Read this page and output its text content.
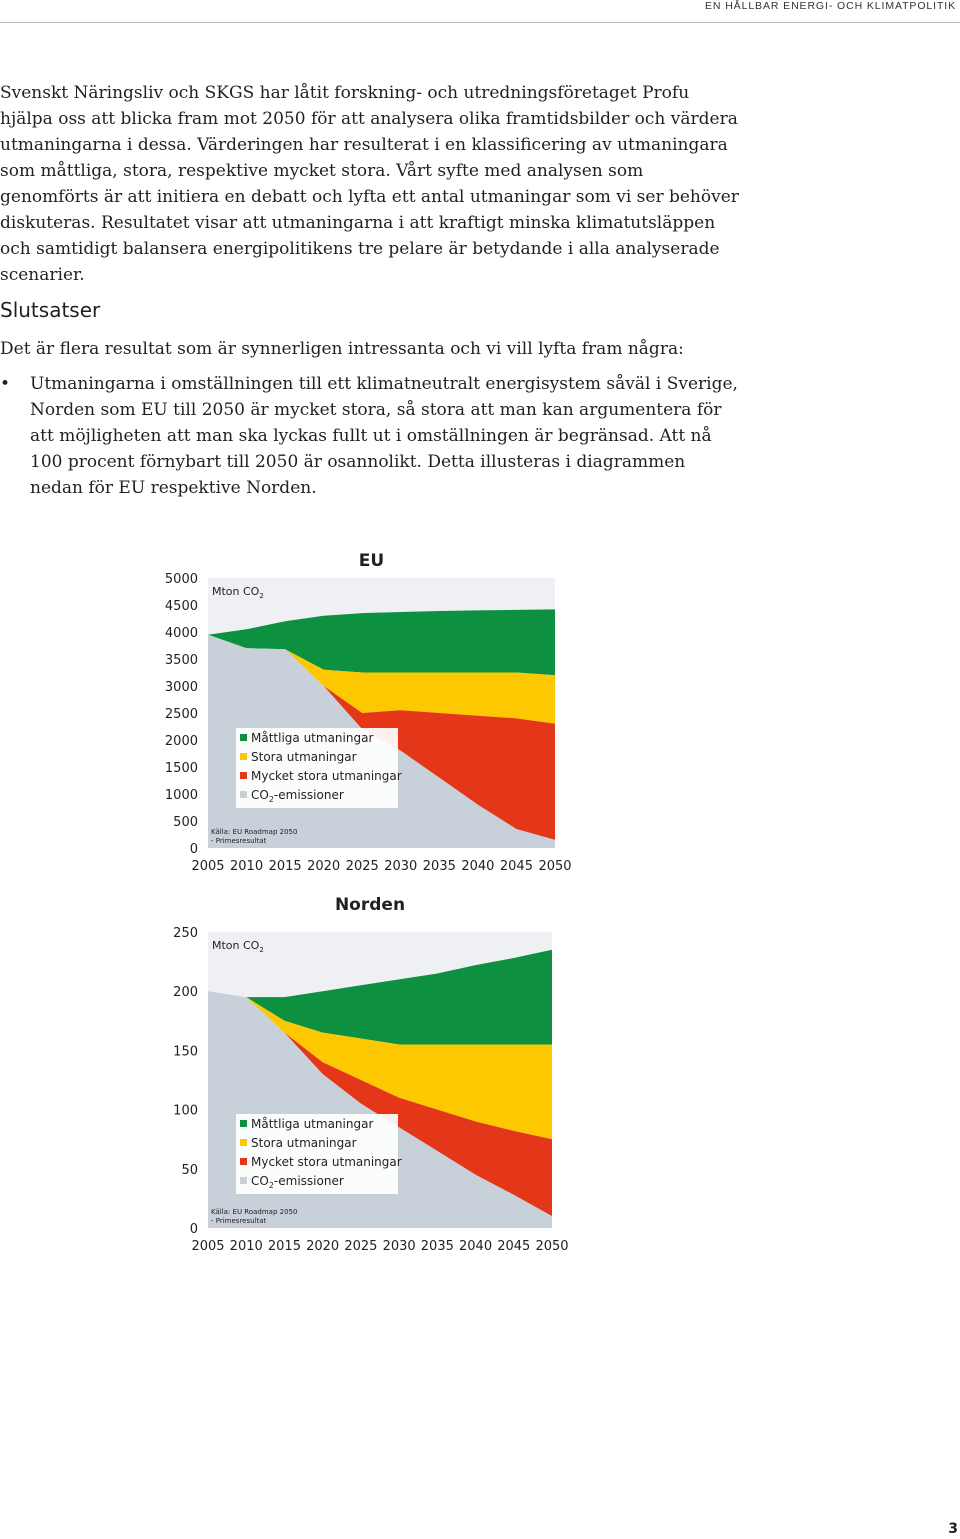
EN HÅLLBAR ENERGI- OCH KLIMATPOLITIK

Svenskt Näringsliv och SKGS har låtit forskning- och utredningsföretaget Profu hjälpa oss att blicka fram mot 2050 för att analysera olika framtidsbilder och värdera utmaningarna i dessa. Värderingen har resulterat i en klassificering av utmaningara som måttliga, stora, respektive mycket stora. Vårt syfte med analysen som genomförts är att initiera en debatt och lyfta ett antal utmaningar som vi ser behöver diskuteras. Resultatet visar att utmaningarna i att kraftigt minska klimatutsläppen och samtidigt balansera energipolitikens tre pelare är betydande i alla analyserade scenarier.

Slutsatser

Det är flera resultat som är synnerligen intressanta och vi vill lyfta fram några:

• Utmaningarna i omställningen till ett klimatneutralt energisystem såväl i Sverige, Norden som EU till 2050 är mycket stora, så stora att man kan argumentera för att möjligheten att man ska lyckas fullt ut i omställningen är begränsad. Att nå 100 procent förnybart till 2050 är osannolikt. Detta illusteras i diagrammen nedan för EU respektive Norden.
0
500
1000
1500
2000
2500
3000
3500
4000
4500
5000
2005 2010 2015 2020 2025 2030 2035 2040 2045 2050
EU
Mton $CO_2$
Måttliga utmaningar
Stora utmaningar
Mycket stora utmaningar
$CO_2$-emissioner
Källa: EU Roadmap 2050
- Primesresultat
0
50
100
150
200
250
2005 2010 2015 2020 2025 2030 2035 2040 2045 2050
Norden
Mton $CO_2$
Måttliga utmaningar
Stora utmaningar
Mycket stora utmaningar
$CO_2$-emissioner
Källa: EU Roadmap 2050
- Primesresultat
3
